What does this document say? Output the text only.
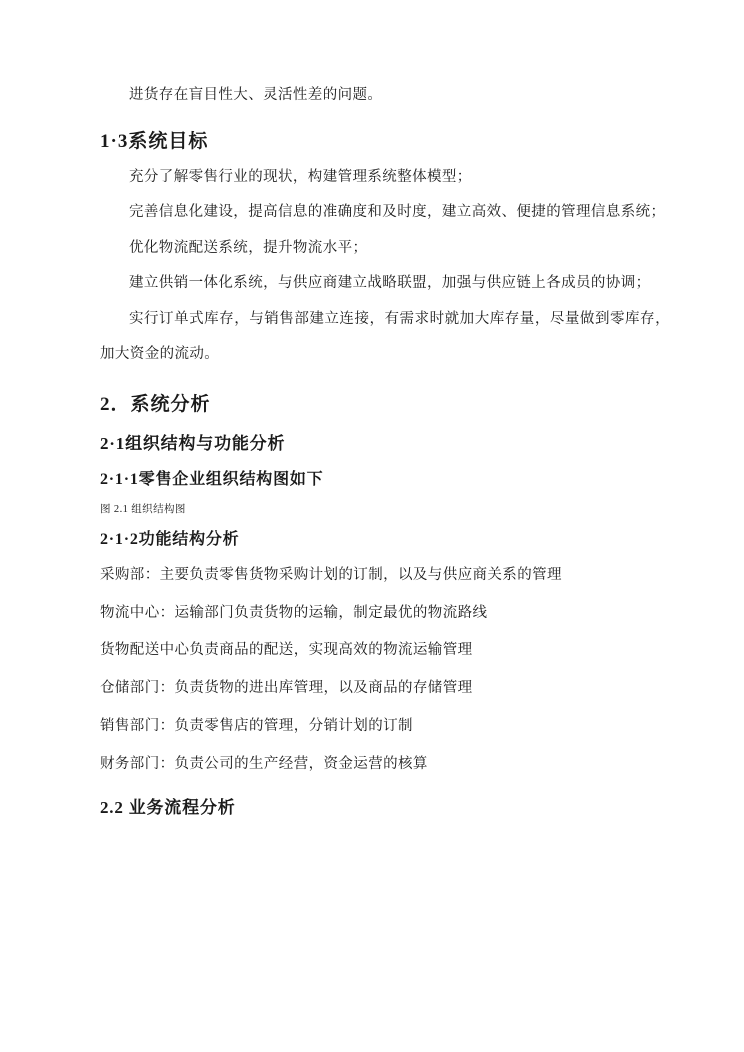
进货存在盲目性大、灵活性差的问题。

1·3系统目标

充分了解零售行业的现状，构建管理系统整体模型；

完善信息化建设，提高信息的准确度和及时度，建立高效、便捷的管理信息系统；

优化物流配送系统，提升物流水平；

建立供销一体化系统，与供应商建立战略联盟，加强与供应链上各成员的协调；

实行订单式库存，与销售部建立连接，有需求时就加大库存量，尽量做到零库存，加大资金的流动。

2．系统分析
2·1组织结构与功能分析
2·1·1零售企业组织结构图如下
图 2.1 组织结构图
2·1·2功能结构分析

采购部：主要负责零售货物采购计划的订制，以及与供应商关系的管理

物流中心：运输部门负责货物的运输，制定最优的物流路线

货物配送中心负责商品的配送，实现高效的物流运输管理

仓储部门：负责货物的进出库管理，以及商品的存储管理

销售部门：负责零售店的管理，分销计划的订制

财务部门：负责公司的生产经营，资金运营的核算

2.2 业务流程分析
